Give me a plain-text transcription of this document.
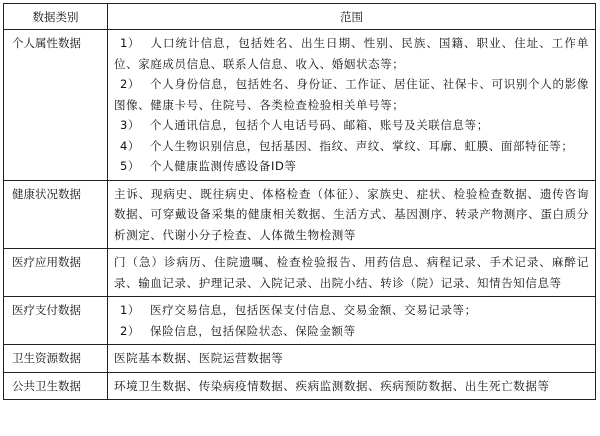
数据类别	范围
个人属性数据	1） 人口统计信息，包括姓名、出生日期、性别、民族、国籍、职业、住址、工作单位、家庭成员信息、联系人信息、收入、婚姻状态等；

2） 个人身份信息，包括姓名、身份证、工作证、居住证、社保卡、可识别个人的影像图像、健康卡号、住院号、各类检查检验相关单号等；

3） 个人通讯信息，包括个人电话号码、邮箱、账号及关联信息等；

4） 个人生物识别信息，包括基因、指纹、声纹、掌纹、耳廓、虹膜、面部特征等；

5） 个人健康监测传感设备ID等

健康状况数据	主诉、现病史、既往病史、体格检查（体征）、家族史、症状、检验检查数据、遗传咨询数据、可穿戴设备采集的健康相关数据、生活方式、基因测序、转录产物测序、蛋白质分析测定、代谢小分子检查、人体微生物检测等
医疗应用数据	门（急）诊病历、住院遗嘱、检查检验报告、用药信息、病程记录、手术记录、麻醉记录、输血记录、护理记录、入院记录、出院小结、转诊（院）记录、知情告知信息等
医疗支付数据	1） 医疗交易信息，包括医保支付信息、交易金额、交易记录等；

2） 保险信息，包括保险状态、保险金额等

卫生资源数据	医院基本数据、医院运营数据等
公共卫生数据	环境卫生数据、传染病疫情数据、疾病监测数据、疾病预防数据、出生死亡数据等
